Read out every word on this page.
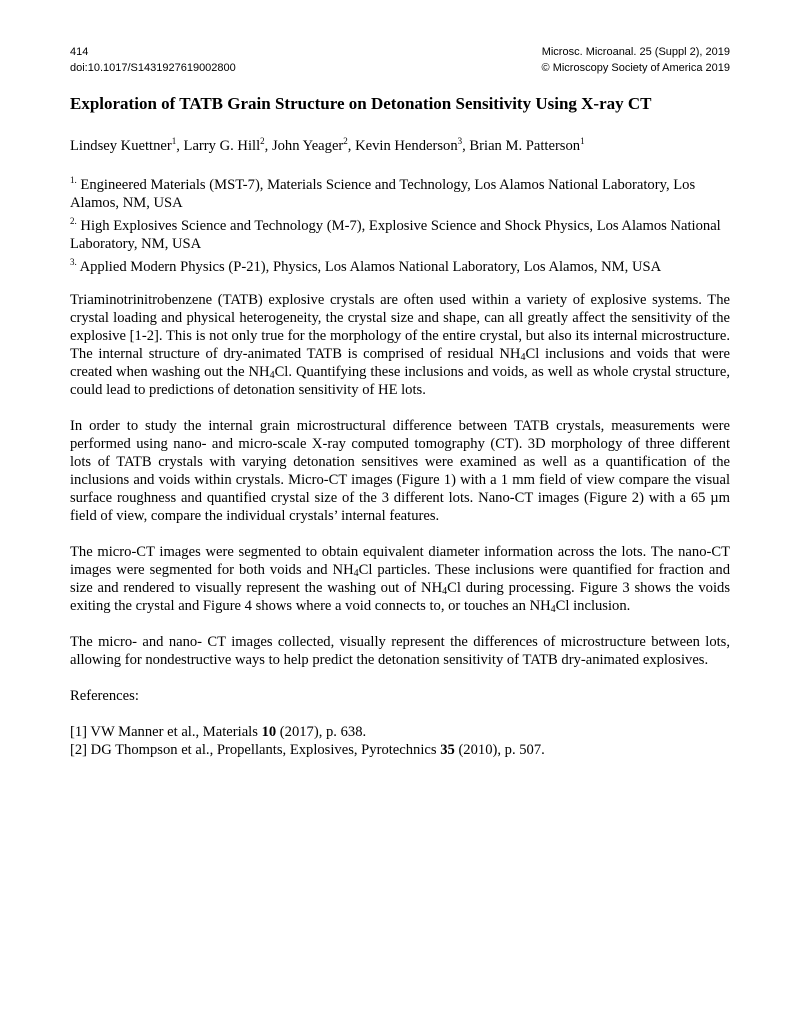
414	Microsc. Microanal. 25 (Suppl 2), 2019
doi:10.1017/S1431927619002800	© Microscopy Society of America 2019
Exploration of TATB Grain Structure on Detonation Sensitivity Using X-ray CT
Lindsey Kuettner$^1$, Larry G. Hill$^2$, John Yeager$^2$, Kevin Henderson$^3$, Brian M. Patterson$^1$
$^{1.}$ Engineered Materials (MST-7), Materials Science and Technology, Los Alamos National Laboratory, Los Alamos, NM, USA
$^{2.}$ High Explosives Science and Technology (M-7), Explosive Science and Shock Physics, Los Alamos National Laboratory, NM, USA
$^{3.}$ Applied Modern Physics (P-21), Physics, Los Alamos National Laboratory, Los Alamos, NM, USA

Triaminotrinitrobenzene (TATB) explosive crystals are often used within a variety of explosive systems. The crystal loading and physical heterogeneity, the crystal size and shape, can all greatly affect the sensitivity of the explosive [1-2]. This is not only true for the morphology of the entire crystal, but also its internal microstructure. The internal structure of dry-animated TATB is comprised of residual $NH_4Cl$ inclusions and voids that were created when washing out the $NH_4Cl$. Quantifying these inclusions and voids, as well as whole crystal structure, could lead to predictions of detonation sensitivity of HE lots.

In order to study the internal grain microstructural difference between TATB crystals, measurements were performed using nano- and micro-scale X-ray computed tomography (CT). 3D morphology of three different lots of TATB crystals with varying detonation sensitives were examined as well as a quantification of the inclusions and voids within crystals. Micro-CT images (Figure 1) with a 1 mm field of view compare the visual surface roughness and quantified crystal size of the 3 different lots. Nano-CT images (Figure 2) with a 65 µm field of view, compare the individual crystals’ internal features.

The micro-CT images were segmented to obtain equivalent diameter information across the lots. The nano-CT images were segmented for both voids and $NH_4Cl$ particles. These inclusions were quantified for fraction and size and rendered to visually represent the washing out of $NH_4Cl$ during processing. Figure 3 shows the voids exiting the crystal and Figure 4 shows where a void connects to, or touches an $NH_4Cl$ inclusion.

The micro- and nano- CT images collected, visually represent the differences of microstructure between lots, allowing for nondestructive ways to help predict the detonation sensitivity of TATB dry-animated explosives.

References:

[1] VW Manner et al., Materials 10 (2017), p. 638.
[2] DG Thompson et al., Propellants, Explosives, Pyrotechnics 35 (2010), p. 507.
